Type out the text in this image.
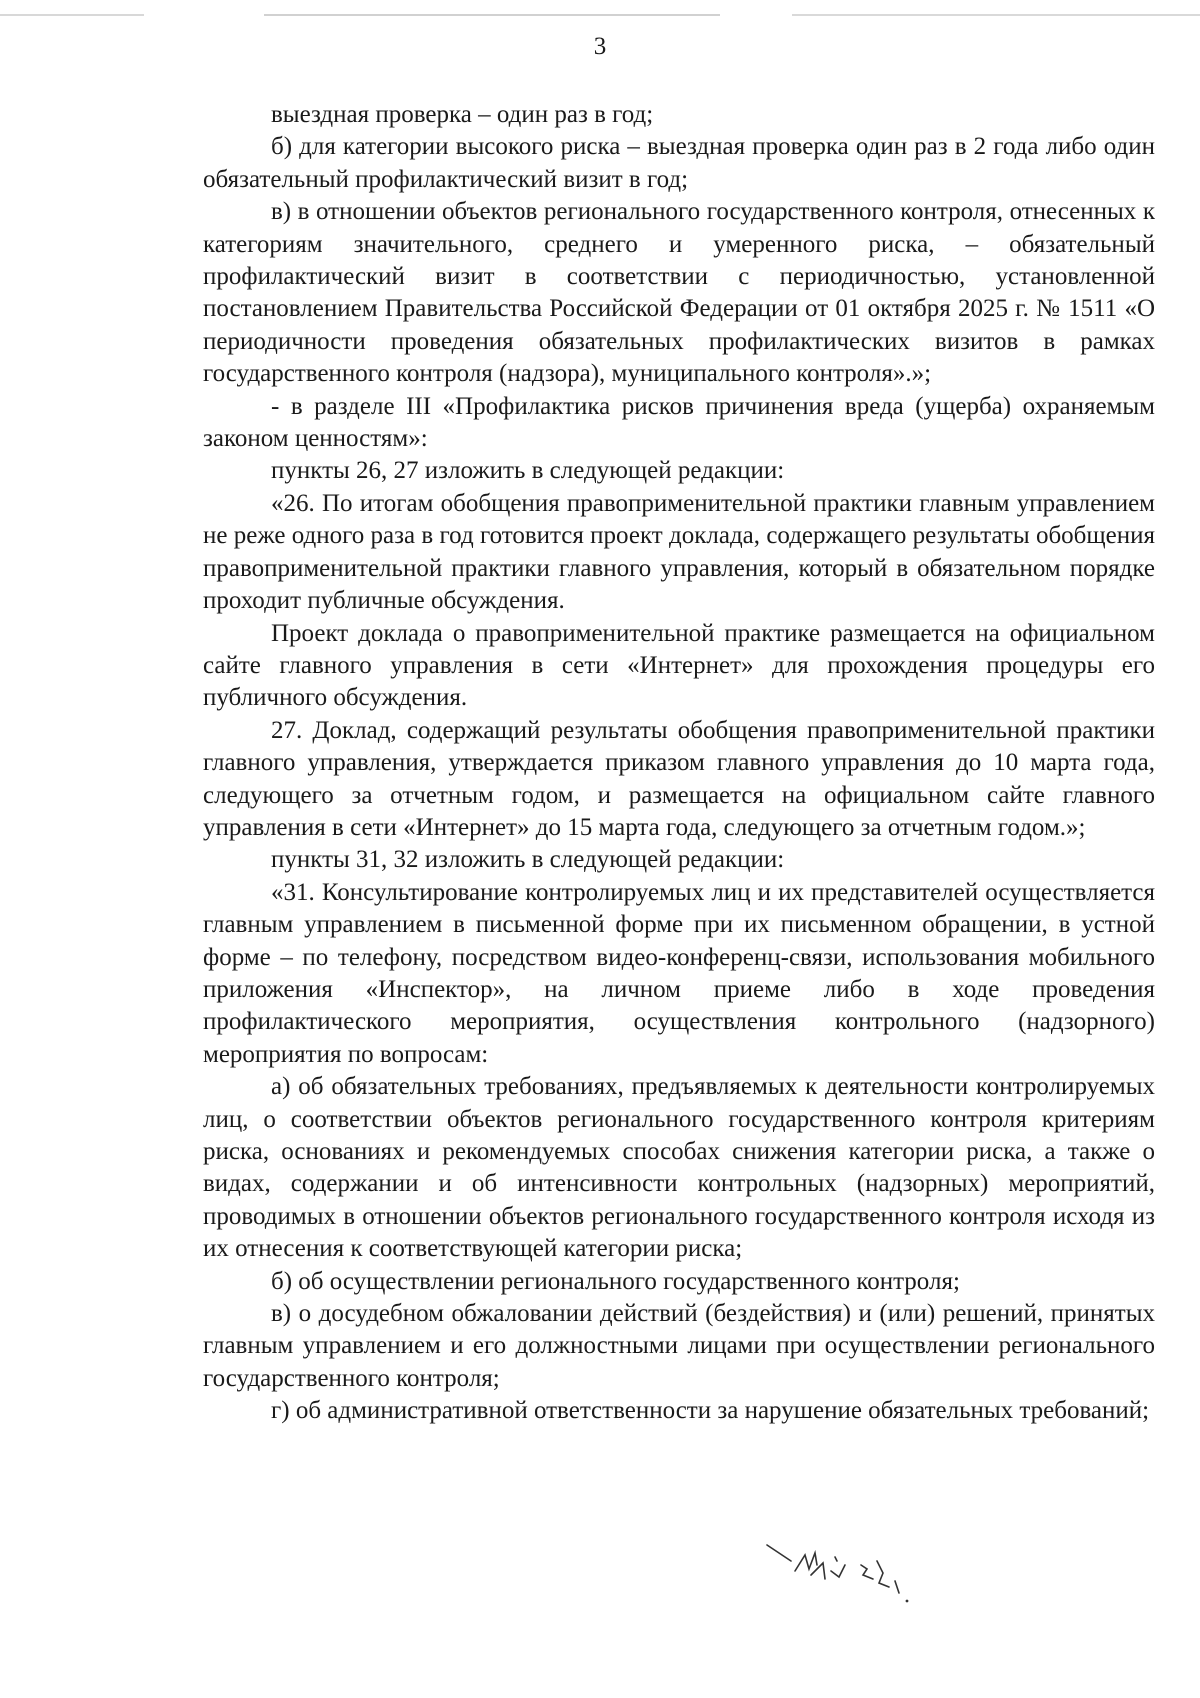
3

выездная проверка – один раз в год;

б) для категории высокого риска – выездная проверка один раз в 2 года либо один обязательный профилактический визит в год;

в) в отношении объектов регионального государственного контроля, отнесенных к категориям значительного, среднего и умеренного риска, – обязательный профилактический визит в соответствии с периодичностью, установленной постановлением Правительства Российской Федерации от 01 октября 2025 г. № 1511 «О периодичности проведения обязательных профилактических визитов в рамках государственного контроля (надзора), муниципального контроля».»;

- в разделе III «Профилактика рисков причинения вреда (ущерба) охраняемым законом ценностям»:

пункты 26, 27 изложить в следующей редакции:

«26. По итогам обобщения правоприменительной практики главным управлением не реже одного раза в год готовится проект доклада, содержащего результаты обобщения правоприменительной практики главного управления, который в обязательном порядке проходит публичные обсуждения.

Проект доклада о правоприменительной практике размещается на официальном сайте главного управления в сети «Интернет» для прохождения процедуры его публичного обсуждения.

27. Доклад, содержащий результаты обобщения правоприменительной практики главного управления, утверждается приказом главного управления до 10 марта года, следующего за отчетным годом, и размещается на официальном сайте главного управления в сети «Интернет» до 15 марта года, следующего за отчетным годом.»;

пункты 31, 32 изложить в следующей редакции:

«31. Консультирование контролируемых лиц и их представителей осуществляется главным управлением в письменной форме при их письменном обращении, в устной форме – по телефону, посредством видео-конференц-связи, использования мобильного приложения «Инспектор», на личном приеме либо в ходе проведения профилактического мероприятия, осуществления контрольного (надзорного) мероприятия по вопросам:

а) об обязательных требованиях, предъявляемых к деятельности контролируемых лиц, о соответствии объектов регионального государственного контроля критериям риска, основаниях и рекомендуемых способах снижения категории риска, а также о видах, содержании и об интенсивности контрольных (надзорных) мероприятий, проводимых в отношении объектов регионального государственного контроля исходя из их отнесения к соответствующей категории риска;

б) об осуществлении регионального государственного контроля;

в) о досудебном обжаловании действий (бездействия) и (или) решений, принятых главным управлением и его должностными лицами при осуществлении регионального государственного контроля;

г) об административной ответственности за нарушение обязательных требований;
